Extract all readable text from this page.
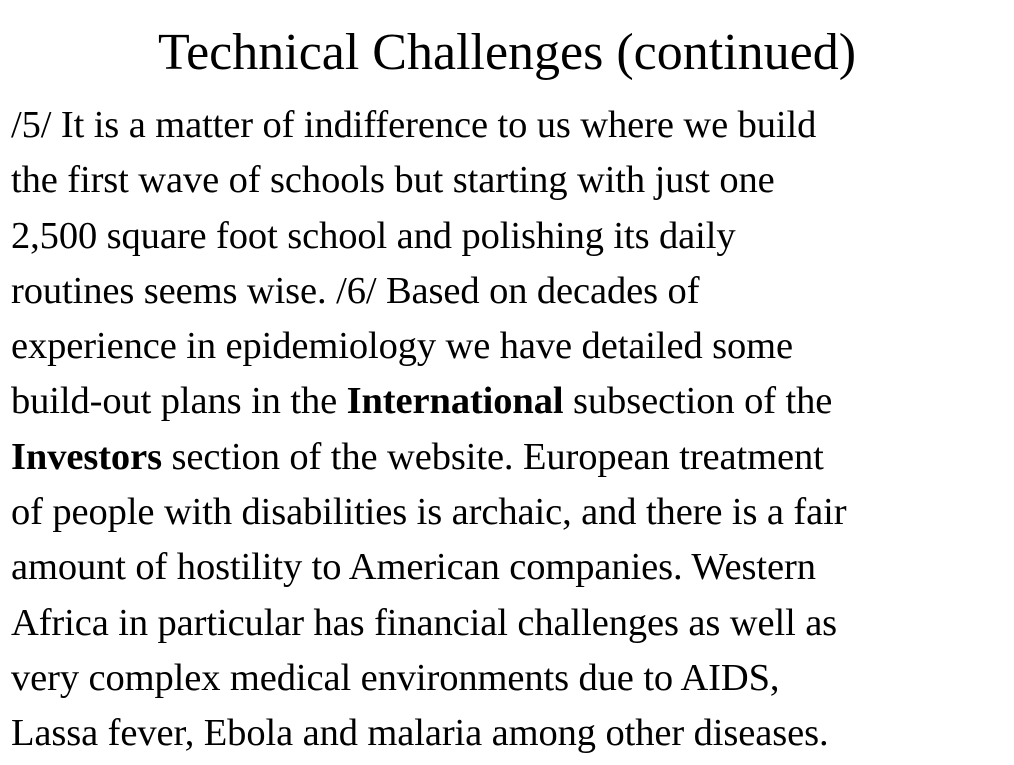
Technical Challenges (continued)
/5/ It is a matter of indifference to us where we build
the first wave of schools but starting with just one
2,500 square foot school and polishing its daily
routines seems wise. /6/ Based on decades of
experience in epidemiology we have detailed some
build-out plans in the International subsection of the
Investors section of the website. European treatment
of people with disabilities is archaic, and there is a fair
amount of hostility to American companies. Western
Africa in particular has financial challenges as well as
very complex medical environments due to AIDS,
Lassa fever, Ebola and malaria among other diseases.
